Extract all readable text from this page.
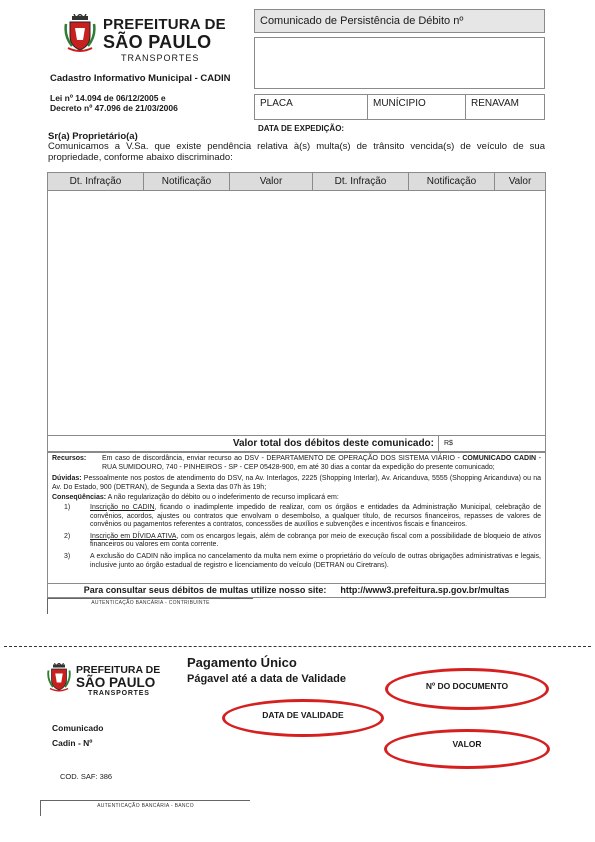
PREFEITURA DE
SÃO PAULO
TRANSPORTES
Cadastro Informativo Municipal - CADIN
Lei nº 14.094 de 06/12/2005 e
Decreto nº 47.096 de 21/03/2006
Comunicado de Persistência de Débito nº
PLACA	MUNÍCIPIO	RENAVAM
DATA DE EXPEDIÇÃO:
Sr(a) Proprietário(a)
Comunicamos a V.Sa. que existe pendência relativa à(s) multa(s) de trânsito vencida(s) de veículo de sua propriedade, conforme abaixo discriminado:
Dt. Infração	Notificação	Valor	Dt. Infração	Notificação	Valor
Valor total dos débitos deste comunicado:	R$
Recursos:	Em caso de discordância, enviar recurso ao DSV - DEPARTAMENTO DE OPERAÇÃO DOS SISTEMA VIÁRIO - COMUNICADO CADIN - RUA SUMIDOURO, 740 - PINHEIROS - SP - CEP 05428-900, em até 30 dias a contar da expedição do presente comunicado;
Dúvidas: Pessoalmente nos postos de atendimento do DSV, na Av. Interlagos, 2225 (Shopping Interlar), Av. Aricanduva, 5555 (Shopping Aricanduva) ou na Av. Do Estado, 900 (DETRAN), de Segunda a Sexta das 07h às 19h;
Conseqüências: A não regularização do débito ou o indeferimento de recurso implicará em:
1)	Inscrição no CADIN, ficando o inadimplente impedido de realizar, com os órgãos e entidades da Administração Municipal, celebração de convênios, acordos, ajustes ou contratos que envolvam o desembolso, a qualquer título, de recursos financeiros, repasses de valores de convênios ou pagamentos referentes a contratos, concessões de auxílios e subvenções e incentivos fiscais e financeiros.
2)	Inscrição em DÍVIDA ATIVA, com os encargos legais, além de cobrança por meio de execução fiscal com a possibilidade de bloqueio de ativos financeiros ou valores em conta corrente.
3)	A exclusão do CADIN não implica no cancelamento da multa nem exime o proprietário do veículo de outras obrigações administrativas e legais, inclusive junto ao órgão estadual de registro e licenciamento do veículo (DETRAN ou Ciretrans).
Para consultar seus débitos de multas utilize nosso site: http://www3.prefeitura.sp.gov.br/multas
AUTENTICAÇÃO BANCÁRIA - CONTRIBUINTE
PREFEITURA DE
SÃO PAULO
TRANSPORTES
Pagamento Único
Págavel até a data de Validade
Nº DO DOCUMENTO
DATA DE VALIDADE
VALOR
Comunicado
Cadin - Nº
COD. SAF: 386
AUTENTICAÇÃO BANCÁRIA - BANCO
